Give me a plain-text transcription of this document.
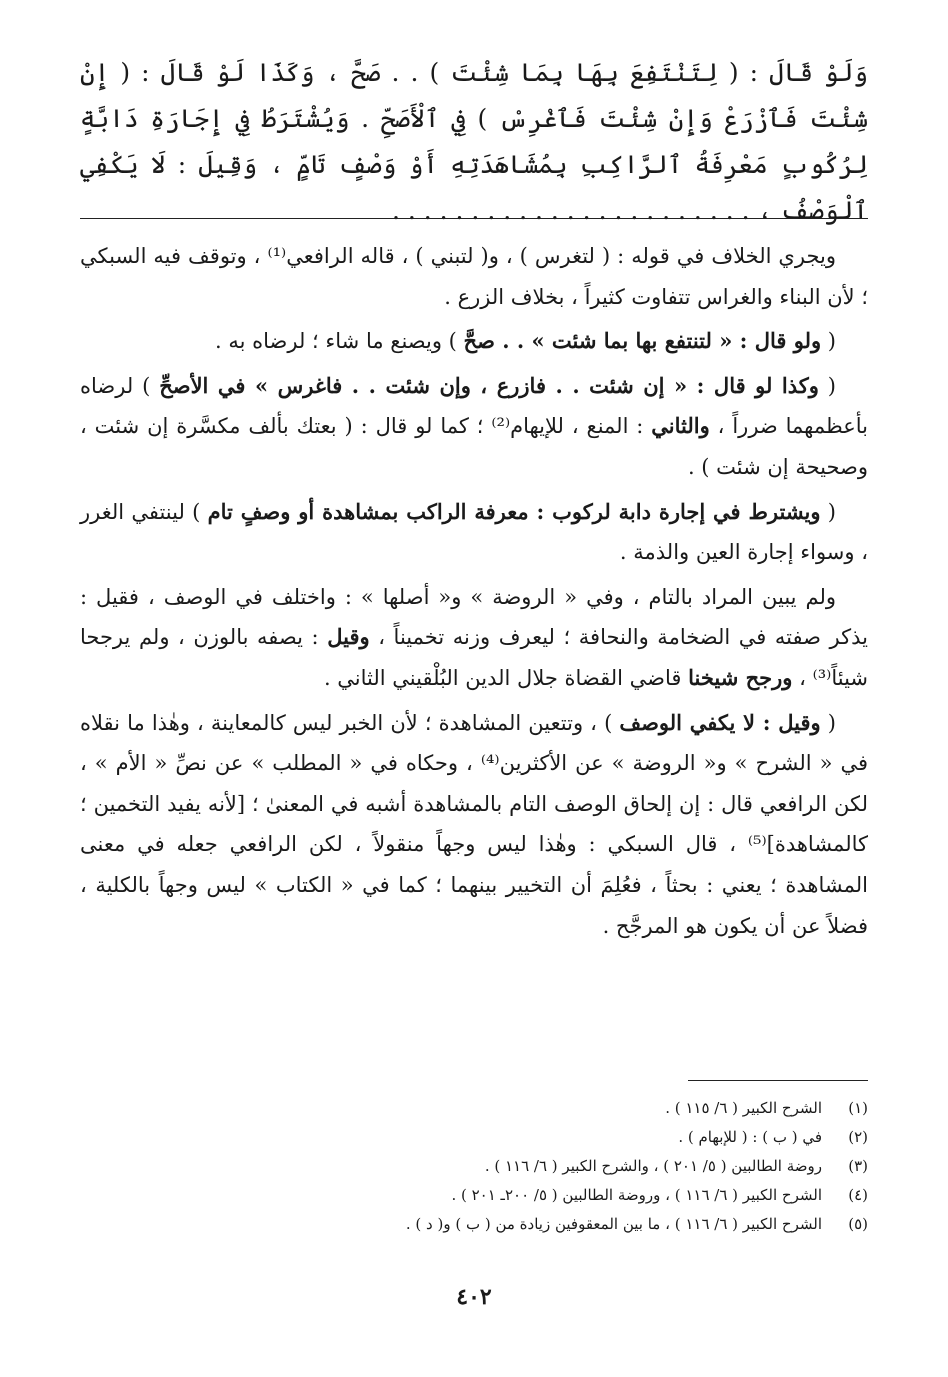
وَلَوْ قَالَ : ( لِتَنْتَفِعَ بِهَا بِمَا شِئْتَ ) . . صَحَّ ، وَكَذَا لَوْ قَالَ : ( إِنْ شِئْتَ فَٱزْرَعْ وَإِنْ شِئْتَ فَٱغْرِسْ ) فِي ٱلْأَصَحِّ . وَيُشْتَرَطُ فِي إِجَارَةِ دَابَّةٍ لِرُكُوبٍ مَعْرِفَةُ ٱلرَّاكِبِ بِمُشَاهَدَتِهِ أَوْ وَصْفٍ تَامٍّ ، وَقِيلَ : لَا يَكْفِي ٱلْوَصْفُ ، . . . . . . . . . . . . . . . . . . . . . . .

ويجري الخلاف في قوله : ( لتغرس ) ، و( لتبني ) ، قاله الرافعي⁽¹⁾ ، وتوقف فيه السبكي ؛ لأن البناء والغراس تتفاوت كثيراً ، بخلاف الزرع .

( ولو قال : « لتنتفع بها بما شئت » . . صحَّ ) ويصنع ما شاء ؛ لرضاه به .

( وكذا لو قال : « إن شئت . . فازرع ، وإن شئت . . فاغرس » في الأصحِّ ) لرضاه بأعظمهما ضرراً ، والثاني : المنع ، للإيهام⁽²⁾ ؛ كما لو قال : ( بعتك بألف مكسَّرة إن شئت ، وصحيحة إن شئت ) .

( ويشترط في إجارة دابة لركوب : معرفة الراكب بمشاهدة أو وصفٍ تام ) لينتفي الغرر ، وسواء إجارة العين والذمة .

ولم يبين المراد بالتام ، وفي « الروضة » و« أصلها » : واختلف في الوصف ، فقيل : يذكر صفته في الضخامة والنحافة ؛ ليعرف وزنه تخميناً ، وقيل : يصفه بالوزن ، ولم يرجحا شيئاً⁽³⁾ ، ورجح شيخنا قاضي القضاة جلال الدين البُلْقيني الثاني .

( وقيل : لا يكفي الوصف ) ، وتتعين المشاهدة ؛ لأن الخبر ليس كالمعاينة ، وهٰذا ما نقلاه في « الشرح » و« الروضة » عن الأكثرين⁽⁴⁾ ، وحكاه في « المطلب » عن نصِّ « الأم » ، لكن الرافعي قال : إن إلحاق الوصف التام بالمشاهدة أشبه في المعنىٰ ؛ [لأنه يفيد التخمين ؛ كالمشاهدة]⁽⁵⁾ ، قال السبكي : وهٰذا ليس وجهاً منقولاً ، لكن الرافعي جعله في معنى المشاهدة ؛ يعني : بحثاً ، فعُلِمَ أن التخيير بينهما ؛ كما في « الكتاب » ليس وجهاً بالكلية ، فضلاً عن أن يكون هو المرجَّح .

(١)
الشرح الكبير ( ٦/ ١١٥ ) .
(٢)
في ( ب ) : ( للإبهام ) .
(٣)
روضة الطالبين ( ٥/ ٢٠١ ) ، والشرح الكبير ( ٦/ ١١٦ ) .
(٤)
الشرح الكبير ( ٦/ ١١٦ ) ، وروضة الطالبين ( ٥/ ٢٠٠ـ ٢٠١ ) .
(٥)
الشرح الكبير ( ٦/ ١١٦ ) ، ما بين المعقوفين زيادة من ( ب ) و( د ) .
٤٠٢
